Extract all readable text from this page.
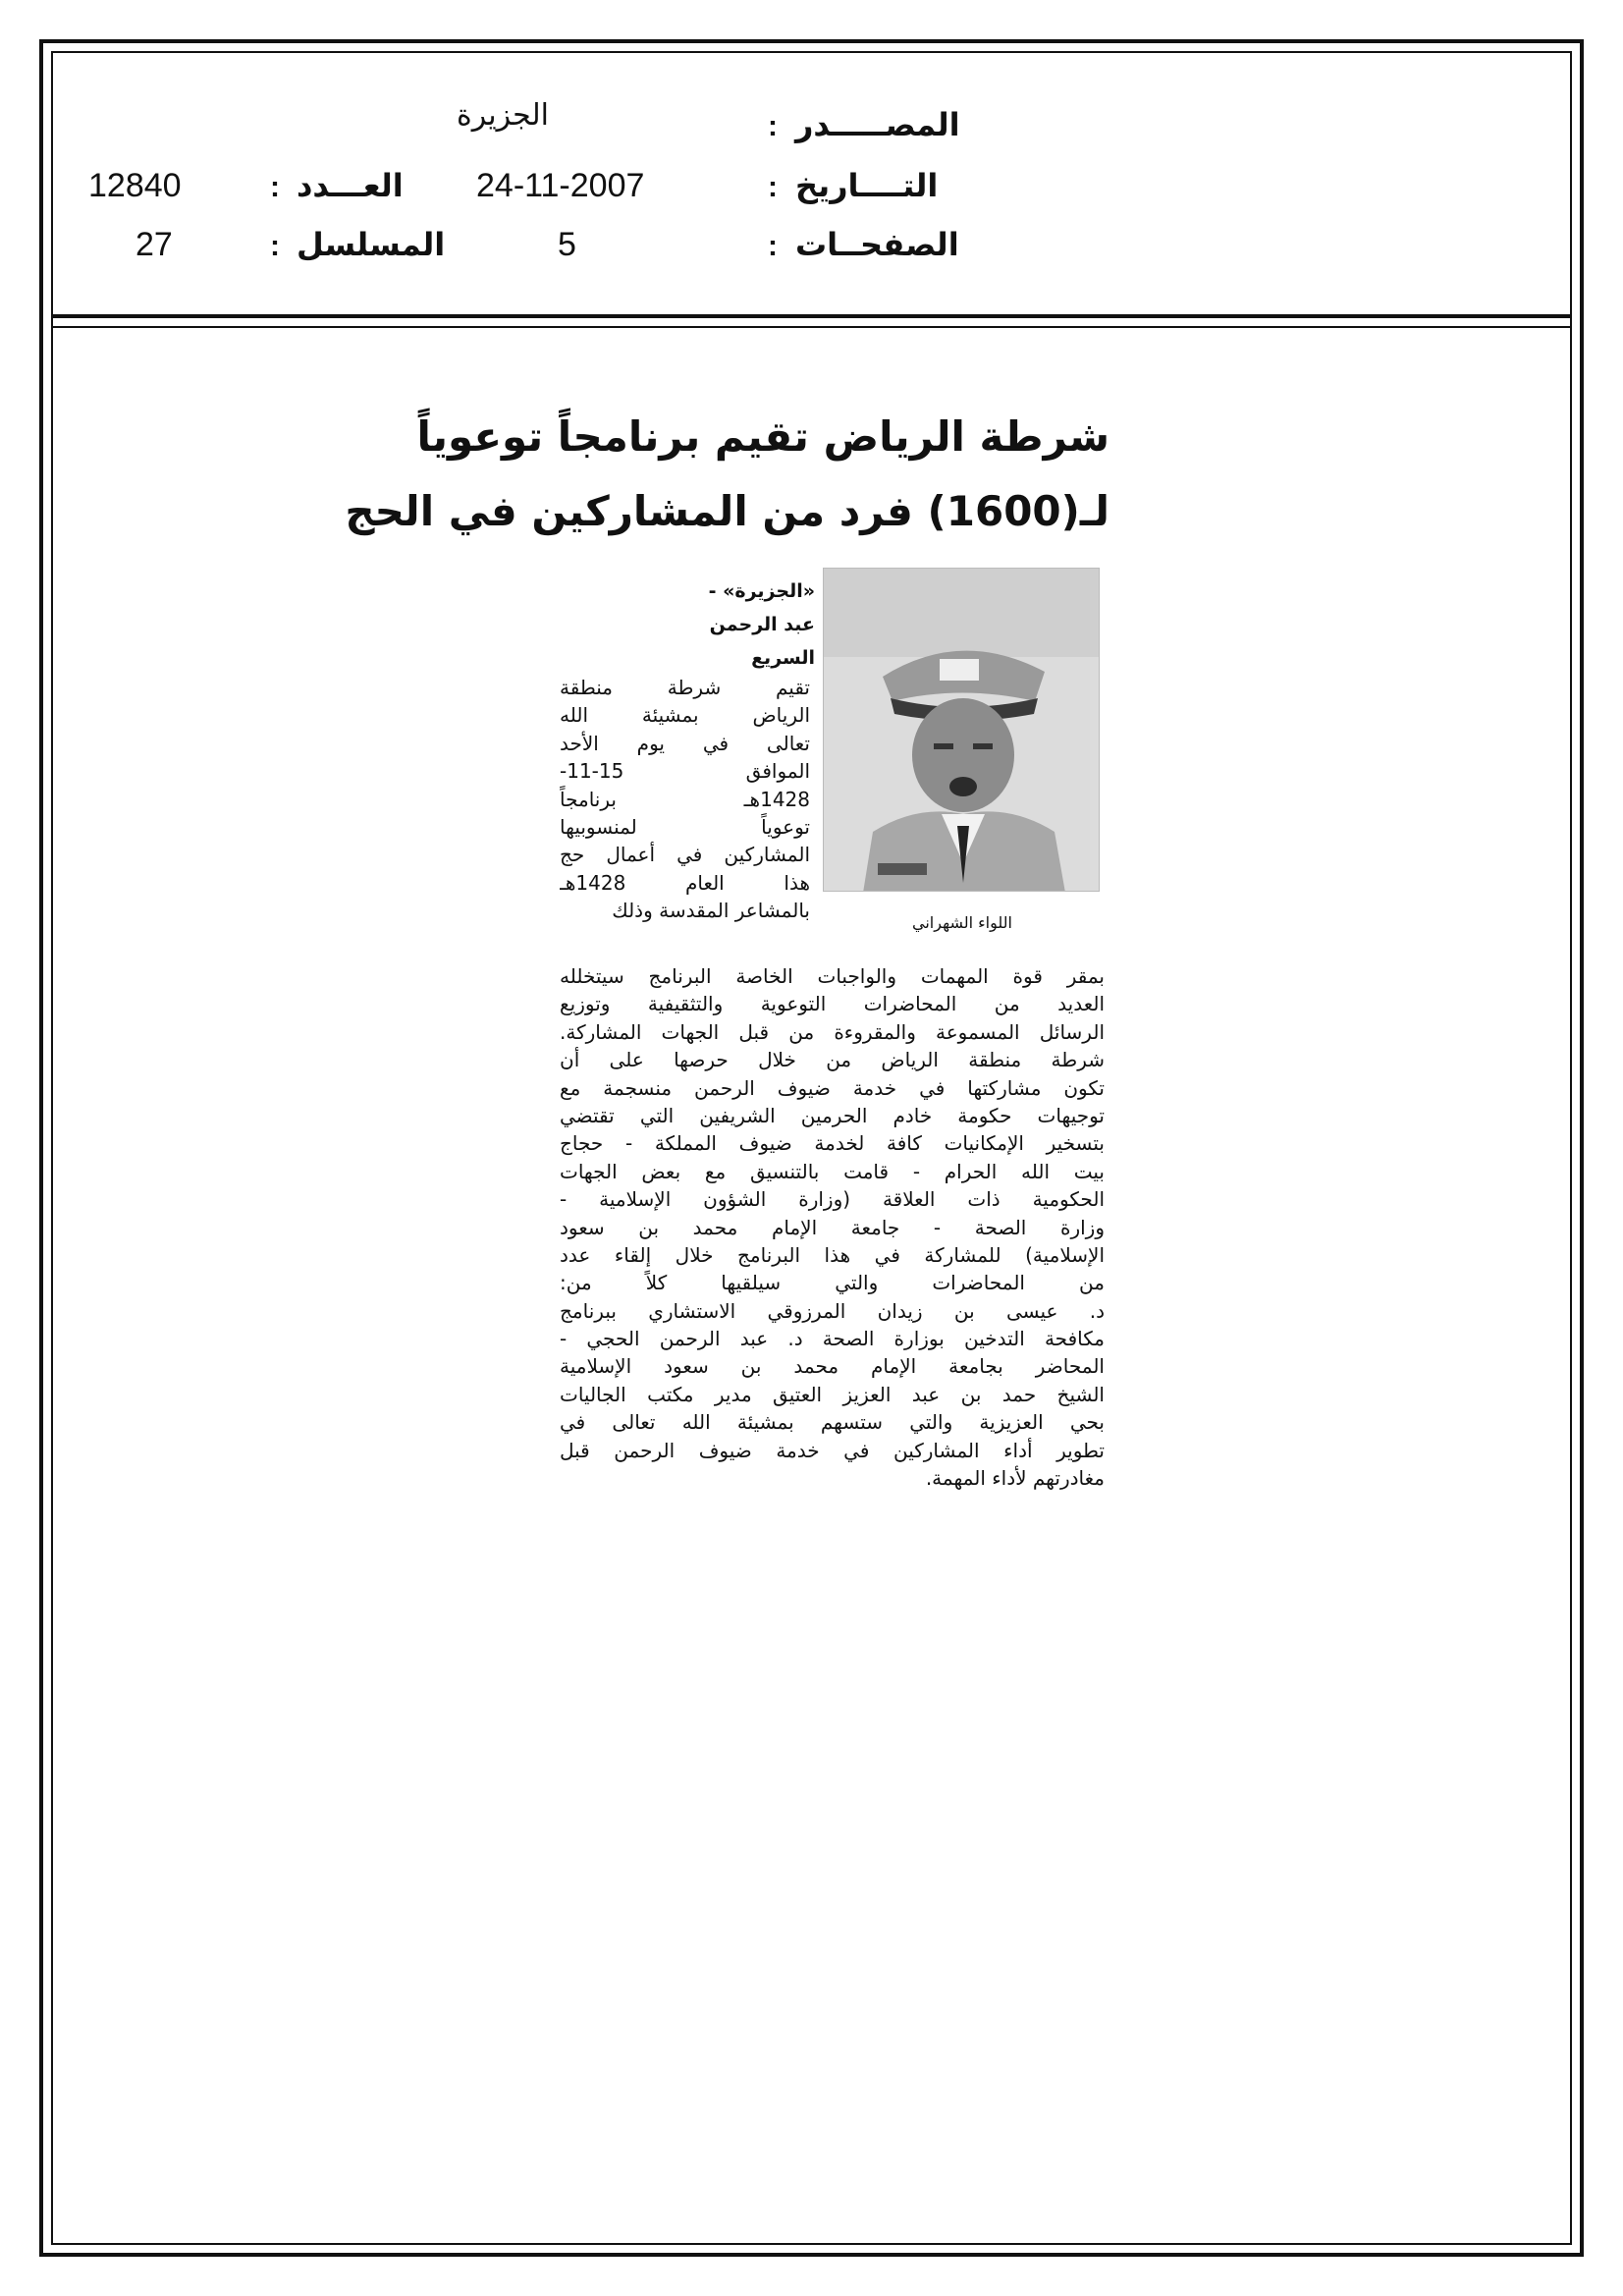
الجزيرة	: المصـــــدر
12840	: العـــدد 24-11-2007	: التــــاريخ
27	: المسلسل	5	: الصفحــات
شرطة الرياض تقيم برنامجاً توعوياً
لـ(1600) فرد من المشاركين في الحج
«الجزيرة» - عبد الرحمن
السريع
اللواء الشهراني
تقيم شرطة منطقة
الرياض بمشيئة الله
تعالى في يوم الأحد
الموافق 15-11-
1428هـ برنامجاً
توعوياً لمنسوبيها
المشاركين في أعمال حج
هذا العام 1428هـ
بالمشاعر المقدسة وذلك
بمقر قوة المهمات والواجبات الخاصة البرنامج سيتخلله
العديد من المحاضرات التوعوية والتثقيفية وتوزيع
الرسائل المسموعة والمقروءة من قبل الجهات المشاركة.
شرطة منطقة الرياض من خلال حرصها على أن
تكون مشاركتها في خدمة ضيوف الرحمن منسجمة مع
توجيهات حكومة خادم الحرمين الشريفين التي تقتضي
بتسخير الإمكانيات كافة لخدمة ضيوف المملكة - حجاج
بيت الله الحرام - قامت بالتنسيق مع بعض الجهات
الحكومية ذات العلاقة (وزارة الشؤون الإسلامية -
وزارة الصحة - جامعة الإمام محمد بن سعود
الإسلامية) للمشاركة في هذا البرنامج خلال إلقاء عدد
من المحاضرات والتي سيلقيها كلاً من:
د. عيسى بن زيدان المرزوقي الاستشاري ببرنامج
مكافحة التدخين بوزارة الصحة د. عبد الرحمن الحجي -
المحاضر بجامعة الإمام محمد بن سعود الإسلامية
الشيخ حمد بن عبد العزيز العتيق مدير مكتب الجاليات
بحي العزيزية والتي ستسهم بمشيئة الله تعالى في
تطوير أداء المشاركين في خدمة ضيوف الرحمن قبل
مغادرتهم لأداء المهمة.
